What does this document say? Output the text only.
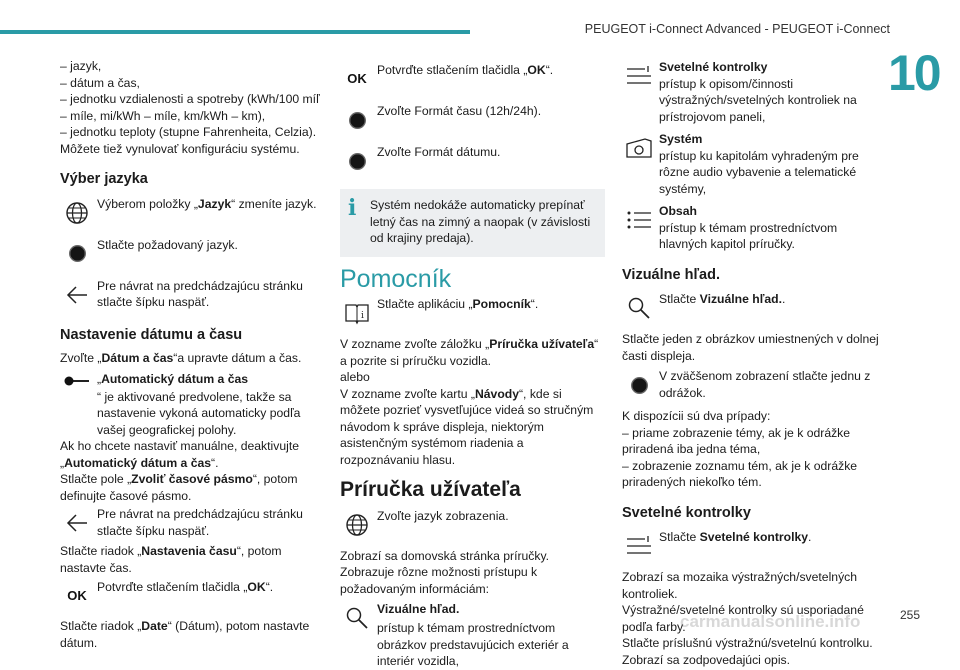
PEUGEOT i-Connect Advanced - PEUGEOT i-Connect
10
255
carmanualsonline.info

– jazyk,

– dátum a čas,

– jednotku vzdialenosti a spotreby (kWh/100 míľ

– míle, mi/kWh – míle, km/kWh – km),

– jednotku teploty (stupne Fahrenheita, Celzia).

Môžete tiež vynulovať konfiguráciu systému.

Výber jazyka
Výberom položky „Jazyk“ zmeníte jazyk.
Stlačte požadovaný jazyk.
Pre návrat na predchádzajúcu stránku stlačte šípku naspäť.
Nastavenie dátumu a času

Zvoľte „Dátum a čas“a upravte dátum a čas.

„Automatický dátum a čas

“ je aktivované predvolene, takže sa nastavenie vykoná automaticky podľa vašej geografickej polohy.

Ak ho chcete nastaviť manuálne, deaktivujte „Automatický dátum a čas“.

Stlačte pole „Zvoliť časové pásmo“, potom definujte časové pásmo.

Pre návrat na predchádzajúcu stránku stlačte šípku naspäť.

Stlačte riadok „Nastavenia času“, potom nastavte čas.

OK
Potvrďte stlačením tlačidla „OK“.

Stlačte riadok „Date“ (Dátum), potom nastavte dátum.

OK
Potvrďte stlačením tlačidla „OK“.
Zvoľte Formát času (12h/24h).
Zvoľte Formát dátumu.
i	Systém nedokáže automaticky prepínať letný čas na zimný a naopak (v závislosti od krajiny predaja).
Pomocník
i
Stlačte aplikáciu „Pomocník“.

V zozname zvoľte záložku „Príručka užívateľa“ a pozrite si príručku vozidla.

alebo

V zozname zvoľte kartu „Návody“, kde si môžete pozrieť vysvetľujúce videá so stručným návodom k správe displeja, niektorým asistenčným systémom riadenia a rozpoznávaniu hlasu.

Príručka užívateľa
Zvoľte jazyk zobrazenia.

Zobrazí sa domovská stránka príručky.

Zobrazuje rôzne možnosti prístupu k požadovaným informáciám:

Vizuálne hľad.

prístup k témam prostredníctvom obrázkov predstavujúcich exteriér a interiér vozidla,

Svetelné kontrolky
prístup k opisom/činnosti výstražných/svetelných kontroliek na prístrojovom paneli,
Systém
prístup ku kapitolám vyhradeným pre rôzne audio vybavenie a telematické systémy,
Obsah
prístup k témam prostredníctvom hlavných kapitol príručky.
Vizuálne hľad.
Stlačte Vizuálne hľad..

Stlačte jeden z obrázkov umiestnených v dolnej časti displeja.

V zväčšenom zobrazení stlačte jednu z odrážok.

K dispozícii sú dva prípady:

– priame zobrazenie témy, ak je k odrážke priradená iba jedna téma,

– zobrazenie zoznamu tém, ak je k odrážke priradených niekoľko tém.

Svetelné kontrolky
Stlačte Svetelné kontrolky.

Zobrazí sa mozaika výstražných/svetelných kontroliek.

Výstražné/svetelné kontrolky sú usporiadané podľa farby.

Stlačte príslušnú výstražnú/svetelnú kontrolku.

Zobrazí sa zodpovedajúci opis.
